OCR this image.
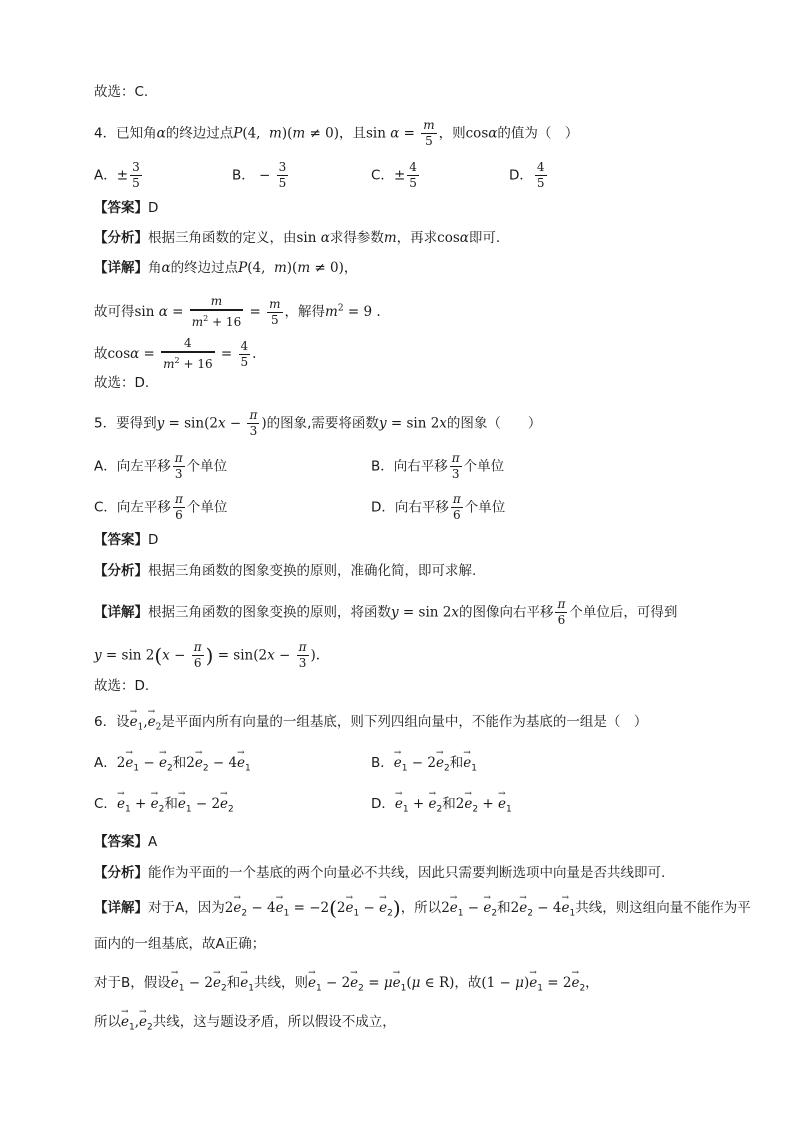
故选：C.
4．已知角α的终边过点P(4,  m)(m ≠ 0)，且$\sin \alpha = \frac{m}{5}$ ，则cosα的值为（　）
A．± $\frac{3}{5}$	B． − $\frac{3}{5}$	C．± $\frac{4}{5}$	D． $\frac{4}{5}$
【答案】D
【分析】根据三角函数的定义，由sin α求得参数m，再求cosα即可.
【详解】角α的终边过点P(4,  m)(m ≠ 0)，
故可得$\sin \alpha = \frac{m}{m^2 + 16} = \frac{m}{5}$ ，解得$m^2 = 9$ .
故$\cos\alpha = \frac{4}{m^2 + 16} = \frac{4}{5}$ .
故选：D.
5．要得到$y = \sin(2x - \frac{\pi}{3}$ )的图象,需要将函数y = sin 2x的图象（　　）
A．向左平移 $\frac{\pi}{3}$ 个单位	B．向右平移 $\frac{\pi}{3}$ 个单位
C．向左平移 $\frac{\pi}{6}$ 个单位	D．向右平移 $\frac{\pi}{6}$ 个单位
【答案】D
【分析】根据三角函数的图象变换的原则，准确化简，即可求解.
【详解】根据三角函数的图象变换的原则，将函数y = sin 2x的图像向右平移 $\frac{\pi}{6}$ 个单位后，可得到
$y = \sin 2(x - \frac{\pi}{6}$ ) = $\sin(2x - \frac{\pi}{3}$ ).
故选：D.
6．设→ $e_1,\to e_2$是平面内所有向量的一组基底，则下列四组向量中，不能作为基底的一组是（　）
A．$2\to e_1$ − → $e_2$和$2\to e_2 - 4\to e_1$	B．→ $e_1 - 2\to e_2$和→ $e_1$
C．→ $e_1$ + → $e_2$和→ $e_1 - 2\to e_2$	D．→ $e_1$ + → $e_2$和$2\to e_2$ + → $e_1$
【答案】A
【分析】能作为平面的一个基底的两个向量必不共线，因此只需要判断选项中向量是否共线即可.
【详解】对于A，因为$2\to e_2 - 4\to e_1 = -2(2\to e_1$ − → $e_2$)，所以$2\to e_1$ − → $e_2$和$2\to e_2 - 4\to e_1$共线，则这组向量不能作为平
面内的一组基底，故A正确；
对于B，假设→ $e_1 - 2\to e_2$和→ $e_1$共线，则→ $e_1 - 2\to e_2 = \mu\to e_1(\mu$ ∈ R)，故$(1 - \mu)\to e_1 = 2\to e_2$，
所以→ $e_1,\to e_2$共线，这与题设矛盾，所以假设不成立，
